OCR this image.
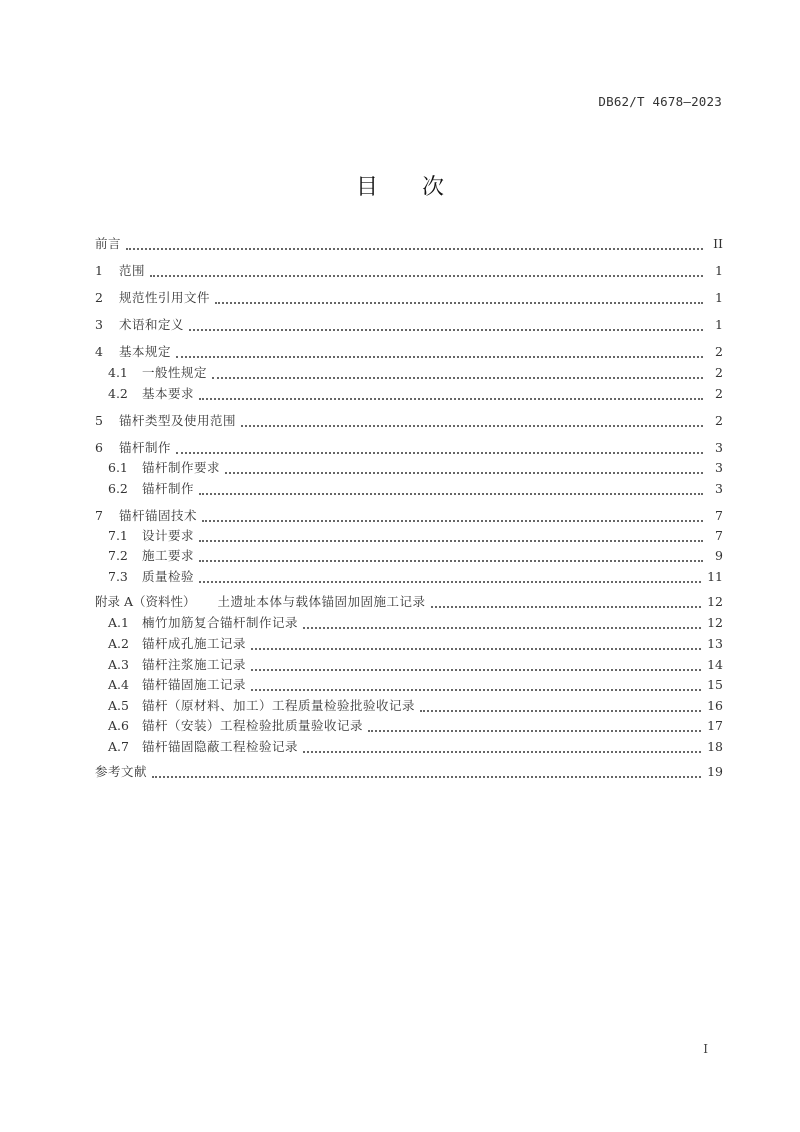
DB62/T 4678—2023
目 次
前言	II
1	范围	1
2	规范性引用文件	1
3	术语和定义	1
4	基本规定	2
4.1	一般性规定	2
4.2	基本要求	2
5	锚杆类型及使用范围	2
6	锚杆制作	3
6.1	锚杆制作要求	3
6.2	锚杆制作	3
7	锚杆锚固技术	7
7.1	设计要求	7
7.2	施工要求	9
7.3	质量检验	11
附录 A（资料性） 土遗址本体与载体锚固加固施工记录	12
A.1	楠竹加筋复合锚杆制作记录	12
A.2	锚杆成孔施工记录	13
A.3	锚杆注浆施工记录	14
A.4	锚杆锚固施工记录	15
A.5	锚杆（原材料、加工）工程质量检验批验收记录	16
A.6	锚杆（安装）工程检验批质量验收记录	17
A.7	锚杆锚固隐蔽工程检验记录	18
参考文献	19
I
